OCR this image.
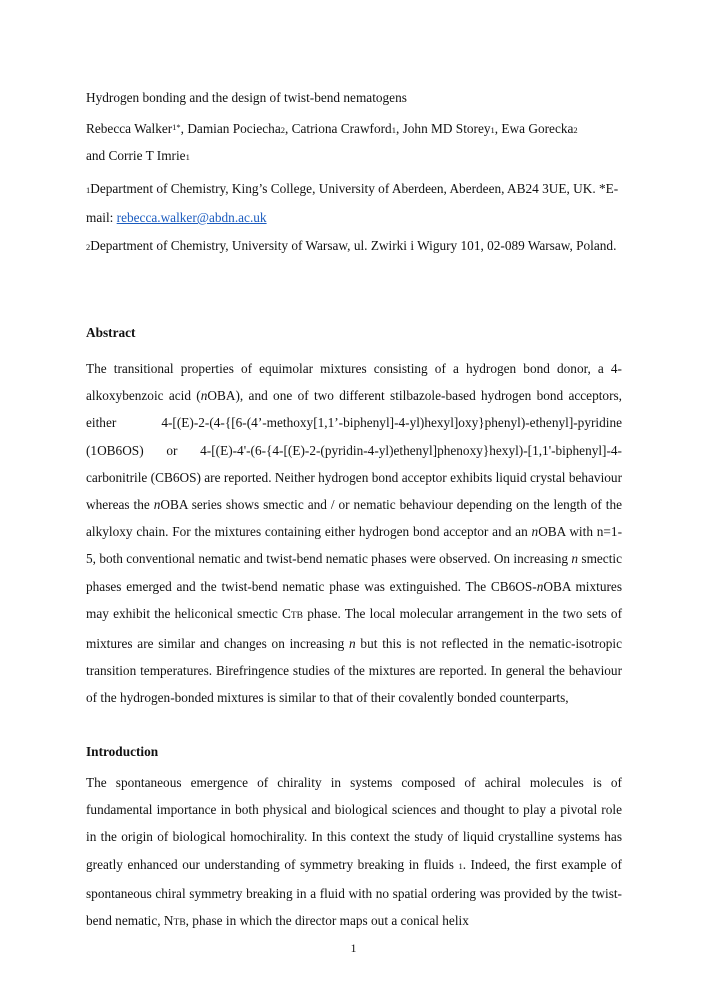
Hydrogen bonding and the design of twist-bend nematogens
Rebecca Walker$^{1*}$, Damian Pociecha2, Catriona Crawford1, John MD Storey1, Ewa Gorecka2
and Corrie T Imrie1
1Department of Chemistry, King’s College, University of Aberdeen, Aberdeen, AB24 3UE, UK. *E-mail: rebecca.walker@abdn.ac.uk
2Department of Chemistry, University of Warsaw, ul. Zwirki i Wigury 101, 02-089 Warsaw, Poland.
Abstract
The transitional properties of equimolar mixtures consisting of a hydrogen bond donor, a 4-alkoxybenzoic acid (nOBA), and one of two different stilbazole-based hydrogen bond acceptors, either 4-[(E)-2-(4-{[6-(4’-methoxy[1,1’-biphenyl]-4-yl)hexyl]oxy}phenyl)-ethenyl]-pyridine (1OB6OS) or 4-[(E)-4'-(6-{4-[(E)-2-(pyridin-4-yl)ethenyl]phenoxy}hexyl)-[1,1'-biphenyl]-4-carbonitrile (CB6OS) are reported. Neither hydrogen bond acceptor exhibits liquid crystal behaviour whereas the nOBA series shows smectic and / or nematic behaviour depending on the length of the alkyloxy chain. For the mixtures containing either hydrogen bond acceptor and an nOBA with n=1-5, both conventional nematic and twist-bend nematic phases were observed. On increasing n smectic phases emerged and the twist-bend nematic phase was extinguished. The CB6OS-nOBA mixtures may exhibit the heliconical smectic CTB phase. The local molecular arrangement in the two sets of mixtures are similar and changes on increasing n but this is not reflected in the nematic-isotropic transition temperatures. Birefringence studies of the mixtures are reported. In general the behaviour of the hydrogen-bonded mixtures is similar to that of their covalently bonded counterparts,
Introduction
The spontaneous emergence of chirality in systems composed of achiral molecules is of fundamental importance in both physical and biological sciences and thought to play a pivotal role in the origin of biological homochirality. In this context the study of liquid crystalline systems has greatly enhanced our understanding of symmetry breaking in fluids 1. Indeed, the first example of spontaneous chiral symmetry breaking in a fluid with no spatial ordering was provided by the twist-bend nematic, NTB, phase in which the director maps out a conical helix
1
